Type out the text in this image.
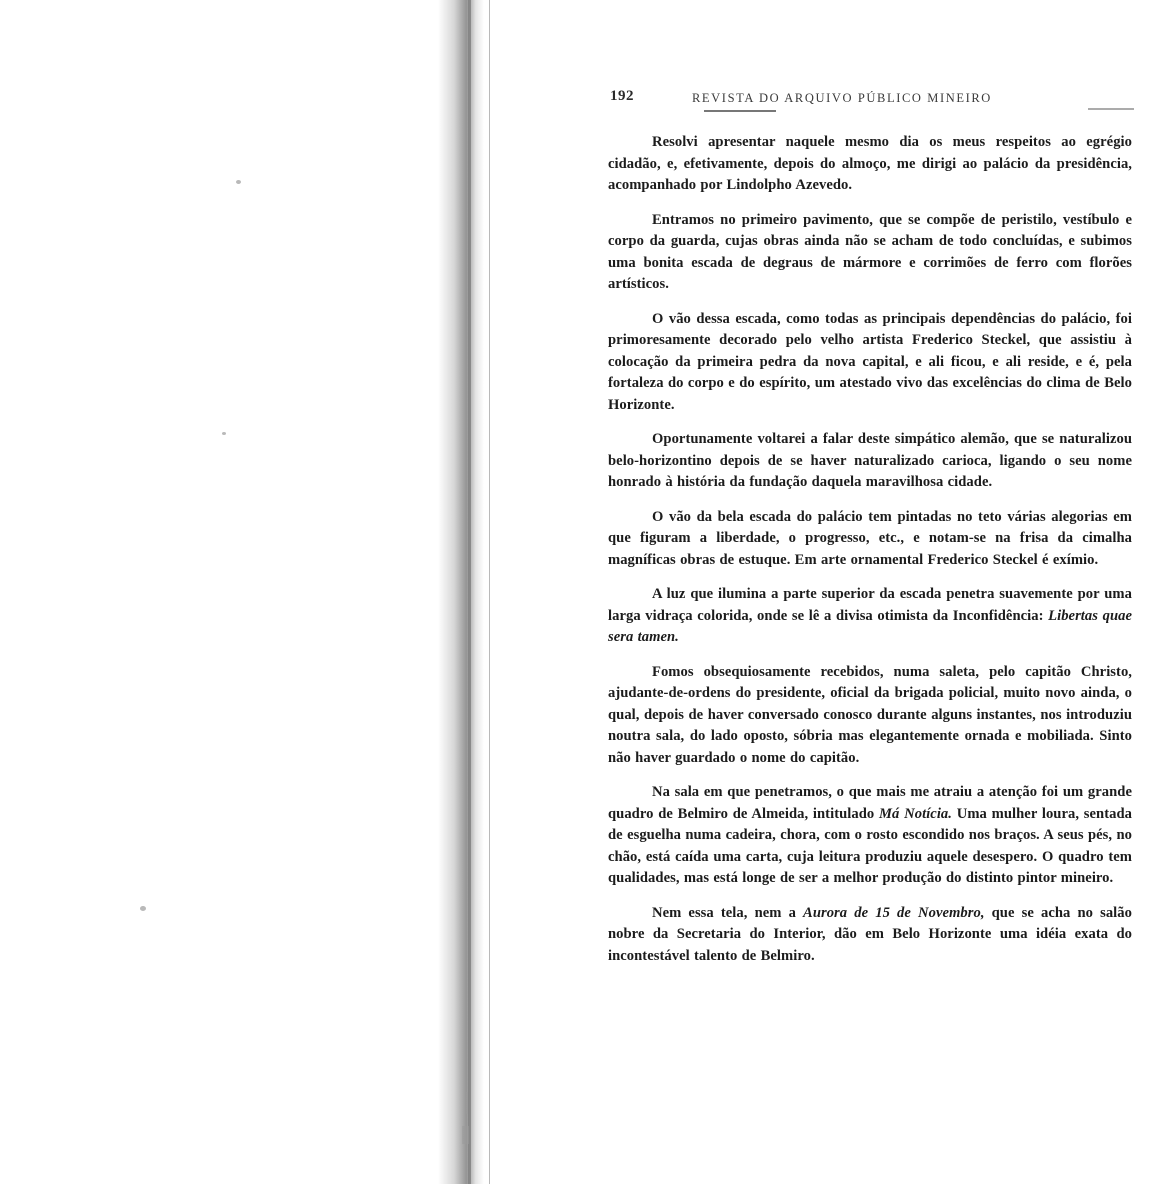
192	REVISTA DO ARQUIVO PÚBLICO MINEIRO

Resolvi apresentar naquele mesmo dia os meus respeitos ao egrégio cidadão, e, efetivamente, depois do almoço, me dirigi ao palácio da presidência, acompanhado por Lindolpho Azevedo.

Entramos no primeiro pavimento, que se compõe de peristilo, vestíbulo e corpo da guarda, cujas obras ainda não se acham de todo concluídas, e subimos uma bonita escada de degraus de mármore e corrimões de ferro com florões artísticos.

O vão dessa escada, como todas as principais dependências do palácio, foi primoresamente decorado pelo velho artista Frederico Steckel, que assistiu à colocação da primeira pedra da nova capital, e ali ficou, e ali reside, e é, pela fortaleza do corpo e do espírito, um atestado vivo das excelências do clima de Belo Horizonte.

Oportunamente voltarei a falar deste simpático alemão, que se naturalizou belo-horizontino depois de se haver naturalizado carioca, ligando o seu nome honrado à história da fundação daquela maravilhosa cidade.

O vão da bela escada do palácio tem pintadas no teto várias alegorias em que figuram a liberdade, o progresso, etc., e notam-se na frisa da cimalha magníficas obras de estuque. Em arte ornamental Frederico Steckel é exímio.

A luz que ilumina a parte superior da escada penetra suavemente por uma larga vidraça colorida, onde se lê a divisa otimista da Inconfidência: Libertas quae sera tamen.

Fomos obsequiosamente recebidos, numa saleta, pelo capitão Christo, ajudante-de-ordens do presidente, oficial da brigada policial, muito novo ainda, o qual, depois de haver conversado conosco durante alguns instantes, nos introduziu noutra sala, do lado oposto, sóbria mas elegantemente ornada e mobiliada. Sinto não haver guardado o nome do capitão.

Na sala em que penetramos, o que mais me atraiu a atenção foi um grande quadro de Belmiro de Almeida, intitulado Má Notícia. Uma mulher loura, sentada de esguelha numa cadeira, chora, com o rosto escondido nos braços. A seus pés, no chão, está caída uma carta, cuja leitura produziu aquele desespero. O quadro tem qualidades, mas está longe de ser a melhor produção do distinto pintor mineiro.

Nem essa tela, nem a Aurora de 15 de Novembro, que se acha no salão nobre da Secretaria do Interior, dão em Belo Horizonte uma idéia exata do incontestável talento de Belmiro.
